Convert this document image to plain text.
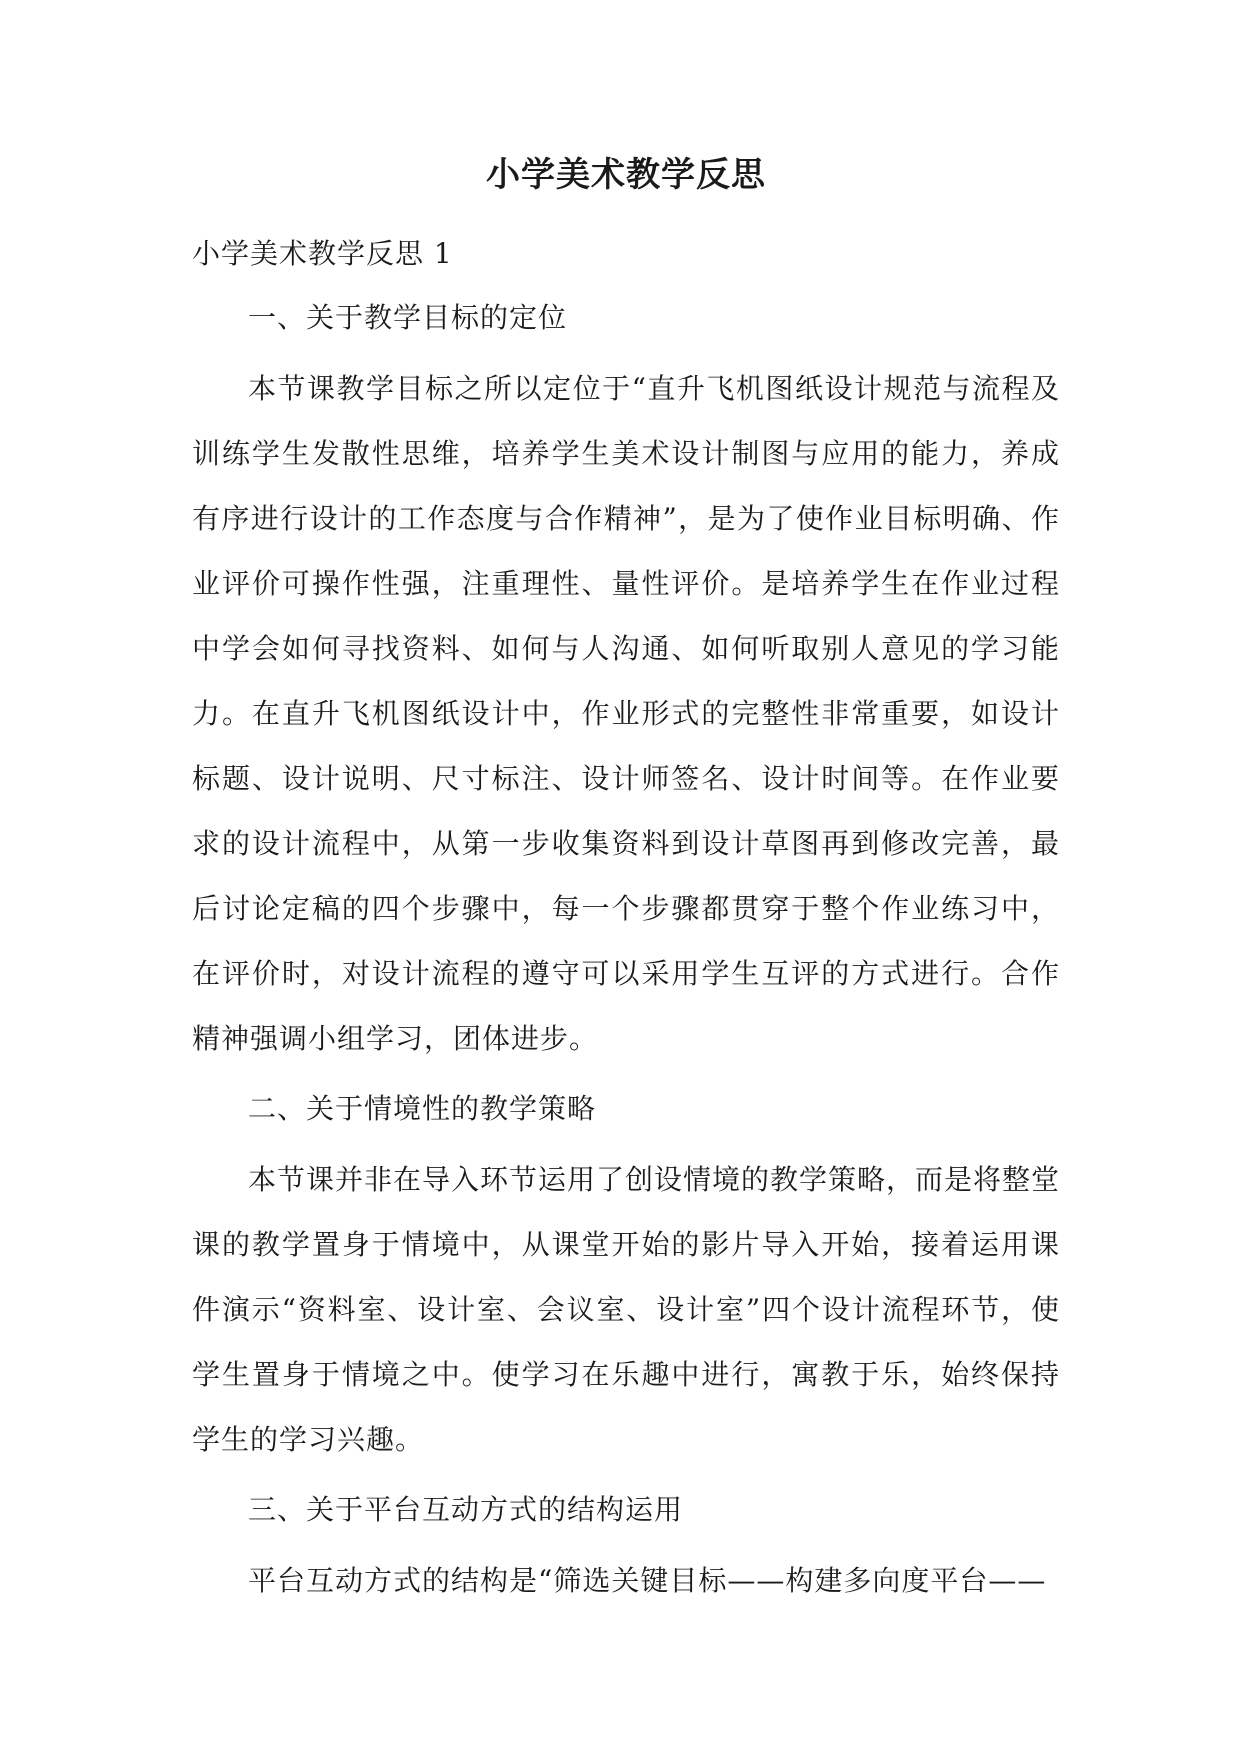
小学美术教学反思
小学美术教学反思 1
一、关于教学目标的定位
本节课教学目标之所以定位于“直升飞机图纸设计规范与流程及训练学生发散性思维，培养学生美术设计制图与应用的能力，养成有序进行设计的工作态度与合作精神”，是为了使作业目标明确、作业评价可操作性强，注重理性、量性评价。是培养学生在作业过程中学会如何寻找资料、如何与人沟通、如何听取别人意见的学习能力。在直升飞机图纸设计中，作业形式的完整性非常重要，如设计标题、设计说明、尺寸标注、设计师签名、设计时间等。在作业要求的设计流程中，从第一步收集资料到设计草图再到修改完善，最后讨论定稿的四个步骤中，每一个步骤都贯穿于整个作业练习中，在评价时，对设计流程的遵守可以采用学生互评的方式进行。合作精神强调小组学习，团体进步。
二、关于情境性的教学策略
本节课并非在导入环节运用了创设情境的教学策略，而是将整堂课的教学置身于情境中，从课堂开始的影片导入开始，接着运用课件演示“资料室、设计室、会议室、设计室”四个设计流程环节，使学生置身于情境之中。使学习在乐趣中进行，寓教于乐，始终保持学生的学习兴趣。
三、关于平台互动方式的结构运用
平台互动方式的结构是“筛选关键目标——构建多向度平台——
